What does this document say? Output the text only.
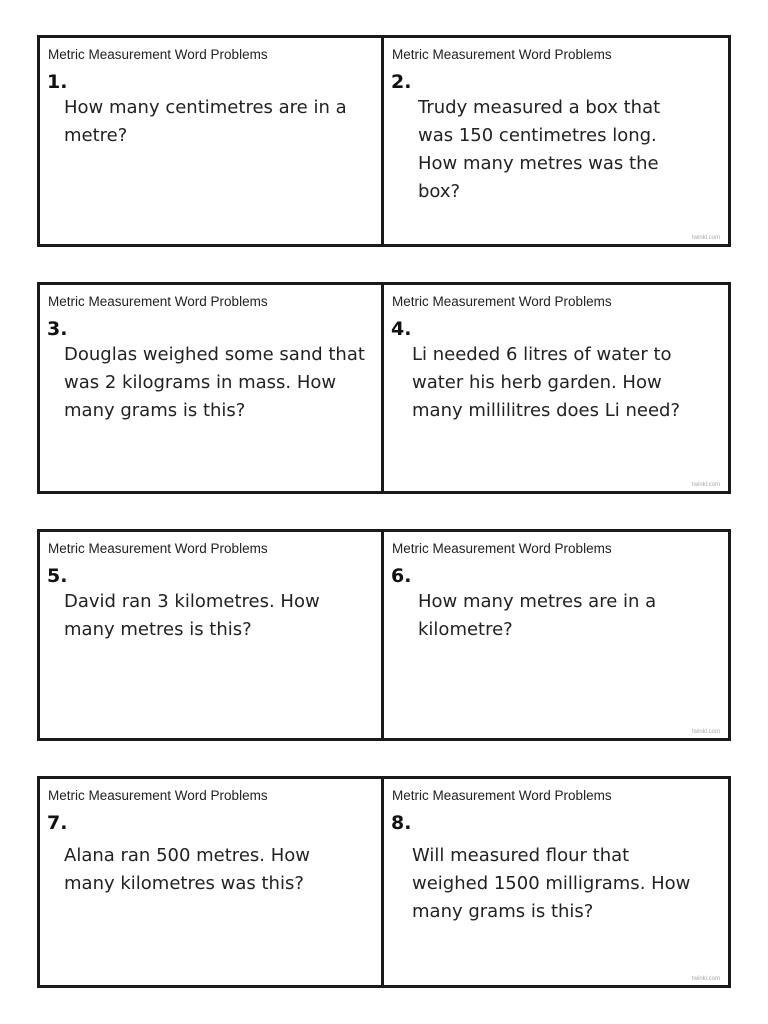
Metric Measurement Word Problems
1.
How many centimetres are in a metre?
Metric Measurement Word Problems
2.
Trudy measured a box that was 150 centimetres long. How many metres was the box?
twinkl.com
Metric Measurement Word Problems
3.
Douglas weighed some sand that was 2 kilograms in mass. How many grams is this?
Metric Measurement Word Problems
4.
Li needed 6 litres of water to water his herb garden. How many millilitres does Li need?
twinkl.com
Metric Measurement Word Problems
5.
David ran 3 kilometres. How many metres is this?
Metric Measurement Word Problems
6.
How many metres are in a kilometre?
twinkl.com
Metric Measurement Word Problems
7.
Alana ran 500 metres. How many kilometres was this?
Metric Measurement Word Problems
8.
Will measured flour that weighed 1500 milligrams. How many grams is this?
twinkl.com
